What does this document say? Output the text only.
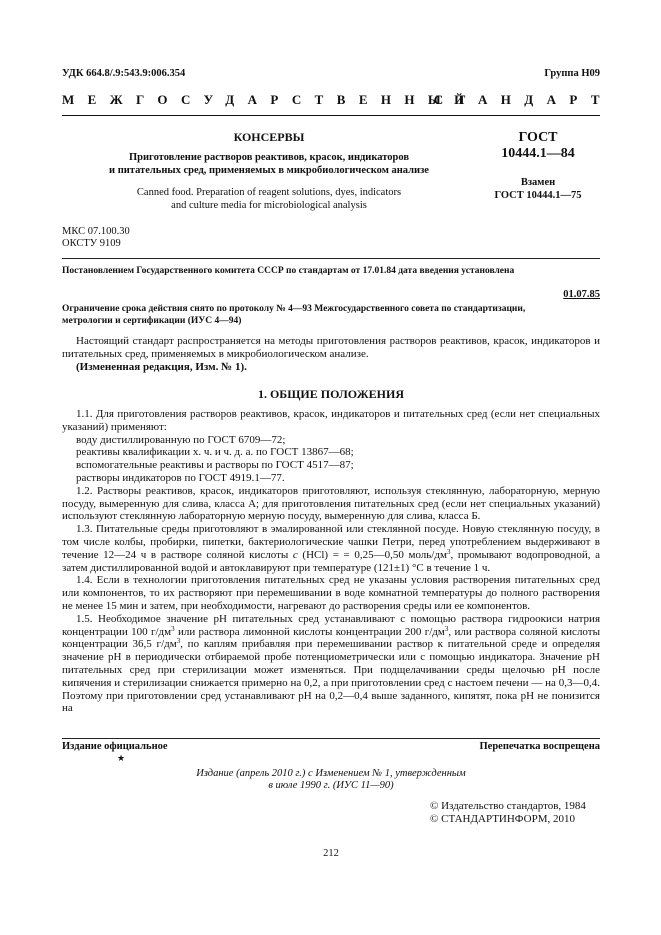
УДК 664.8/.9:543.9:006.354	Группа Н09
МЕЖГОСУДАРСТВЕННЫЙ
СТАНДАРТ
КОНСЕРВЫ
Приготовление растворов реактивов, красок, индикаторов
и питательных сред, применяемых в микробиологическом анализе
Canned food. Preparation of reagent solutions, dyes, indicators
and culture media for microbiological analysis
ГОСТ
10444.1—84
Взамен
ГОСТ 10444.1—75
МКС 07.100.30
ОКСТУ 9109
Постановлением Государственного комитета СССР по стандартам от 17.01.84 дата введения установлена
01.07.85
Ограничение срока действия снято по протоколу № 4—93 Межгосударственного совета по стандартизации,
метрологии и сертификации (ИУС 4—94)

Настоящий стандарт распространяется на методы приготовления растворов реактивов, красок, индикаторов и питательных сред, применяемых в микробиологическом анализе.

(Измененная редакция, Изм. № 1).

1. ОБЩИЕ ПОЛОЖЕНИЯ

1.1. Для приготовления растворов реактивов, красок, индикаторов и питательных сред (если нет специальных указаний) применяют:

воду дистиллированную по ГОСТ 6709—72;

реактивы квалификации х. ч. и ч. д. а. по ГОСТ 13867—68;

вспомогательные реактивы и растворы по ГОСТ 4517—87;

растворы индикаторов по ГОСТ 4919.1—77.

1.2. Растворы реактивов, красок, индикаторов приготовляют, используя стеклянную, лабораторную, мерную посуду, вымеренную для слива, класса А; для приготовления питательных сред (если нет специальных указаний) используют стеклянную лабораторную мерную посуду, вымеренную для слива, класса Б.

1.3. Питательные среды приготовляют в эмалированной или стеклянной посуде. Новую стеклянную посуду, в том числе колбы, пробирки, пипетки, бактериологические чашки Петри, перед употреблением выдерживают в течение 12—24 ч в растворе соляной кислоты c (HCl) = = 0,25—0,50 моль/$дм^3$, промывают водопроводной, а затем дистиллированной водой и автоклавируют при температуре (121±1) °С в течение 1 ч.

1.4. Если в технологии приготовления питательных сред не указаны условия растворения питательных сред или компонентов, то их растворяют при перемешивании в воде комнатной температуры до полного растворения не менее 15 мин и затем, при необходимости, нагревают до растворения среды или ее компонентов.

1.5. Необходимое значение рН питательных сред устанавливают с помощью раствора гидроокиси натрия концентрации 100 $г/дм^3$ или раствора лимонной кислоты концентрации 200 $г/дм^3$, или раствора соляной кислоты концентрации 36,5 $г/дм^3$, по каплям прибавляя при перемешивании раствор к питательной среде и определяя значение рН в периодически отбираемой пробе потенциометрически или с помощью индикатора. Значение рН питательных сред при стерилизации может изменяться. При подщелачивании среды щелочью рН после кипячения и стерилизации снижается примерно на 0,2, а при приготовлении сред с настоем печени — на 0,3—0,4. Поэтому при приготовлении сред устанавливают рН на 0,2—0,4 выше заданного, кипятят, пока рН не понизится на

Издание официальное
★
Перепечатка воспрещена
Издание (апрель 2010 г.) с Изменением № 1, утвержденным
в июле 1990 г. (ИУС 11—90)
© Издательство стандартов, 1984
© СТАНДАРТИНФОРМ, 2010
212
